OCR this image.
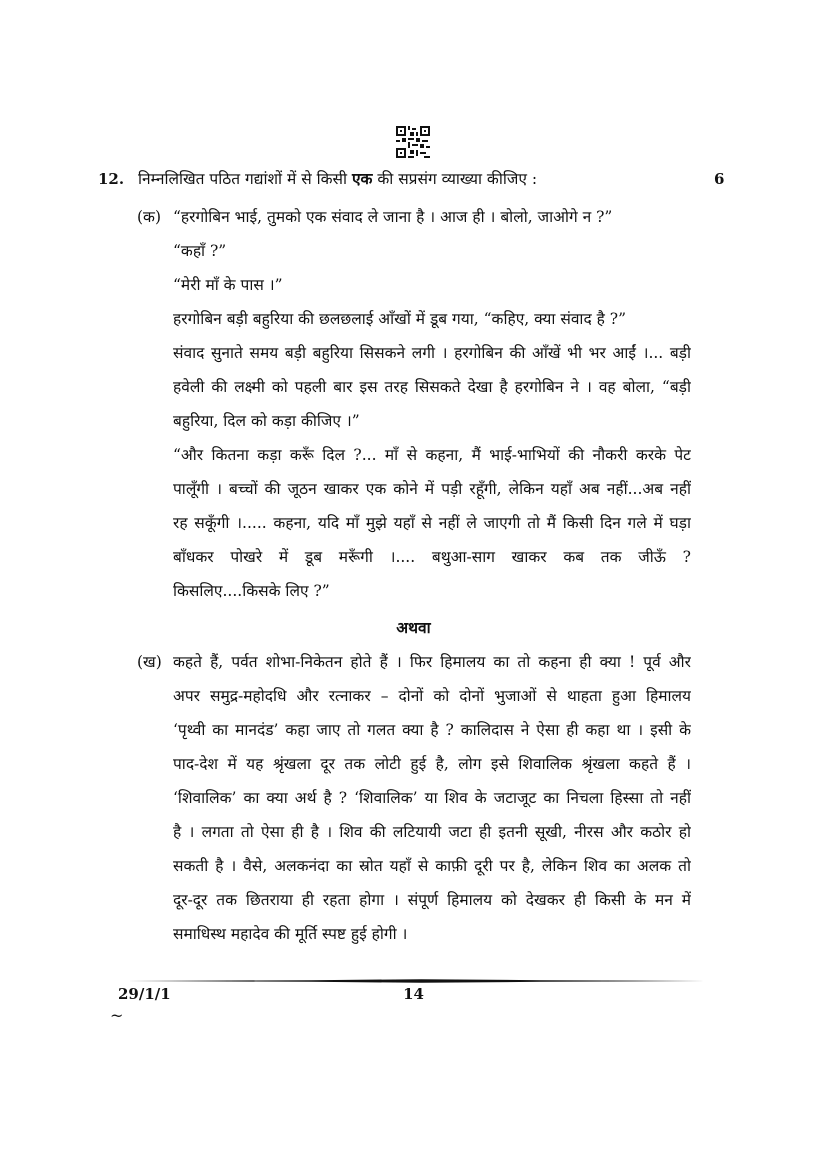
12. निम्नलिखित पठित गद्यांशों में से किसी एक की सप्रसंग व्याख्या कीजिए :	6
(क) “हरगोबिन भाई, तुमको एक संवाद ले जाना है । आज ही । बोलो, जाओगे न ?”
“कहाँ ?”
“मेरी माँ के पास ।”
हरगोबिन बड़ी बहुरिया की छलछलाई आँखों में डूब गया, “कहिए, क्या संवाद है ?”
संवाद सुनाते समय बड़ी बहुरिया सिसकने लगी । हरगोबिन की आँखें भी भर आईं ।... बड़ी
हवेली की लक्ष्मी को पहली बार इस तरह सिसकते देखा है हरगोबिन ने । वह बोला, “बड़ी
बहुरिया, दिल को कड़ा कीजिए ।”
“और कितना कड़ा करूँ दिल ?... माँ से कहना, मैं भाई-भाभियों की नौकरी करके पेट
पालूँगी । बच्चों की जूठन खाकर एक कोने में पड़ी रहूँगी, लेकिन यहाँ अब नहीं...अब नहीं
रह सकूँगी ।..... कहना, यदि माँ मुझे यहाँ से नहीं ले जाएगी तो मैं किसी दिन गले में घड़ा
बाँधकर पोखरे में डूब मरूँगी ।.... बथुआ-साग खाकर कब तक जीऊँ ?
किसलिए....किसके लिए ?”
अथवा
(ख) कहते हैं, पर्वत शोभा-निकेतन होते हैं । फिर हिमालय का तो कहना ही क्या ! पूर्व और
अपर समुद्र-महोदधि और रत्नाकर – दोनों को दोनों भुजाओं से थाहता हुआ हिमालय
‘पृथ्वी का मानदंड’ कहा जाए तो गलत क्या है ? कालिदास ने ऐसा ही कहा था । इसी के
पाद-देश में यह श्रृंखला दूर तक लोटी हुई है, लोग इसे शिवालिक श्रृंखला कहते हैं ।
‘शिवालिक’ का क्या अर्थ है ? ‘शिवालिक’ या शिव के जटाजूट का निचला हिस्सा तो नहीं
है । लगता तो ऐसा ही है । शिव की लटियायी जटा ही इतनी सूखी, नीरस और कठोर हो
सकती है । वैसे, अलकनंदा का स्रोत यहाँ से काफ़ी दूरी पर है, लेकिन शिव का अलक तो
दूर-दूर तक छितराया ही रहता होगा । संपूर्ण हिमालय को देखकर ही किसी के मन में
समाधिस्थ महादेव की मूर्ति स्पष्ट हुई होगी ।
29/1/1	14
~
